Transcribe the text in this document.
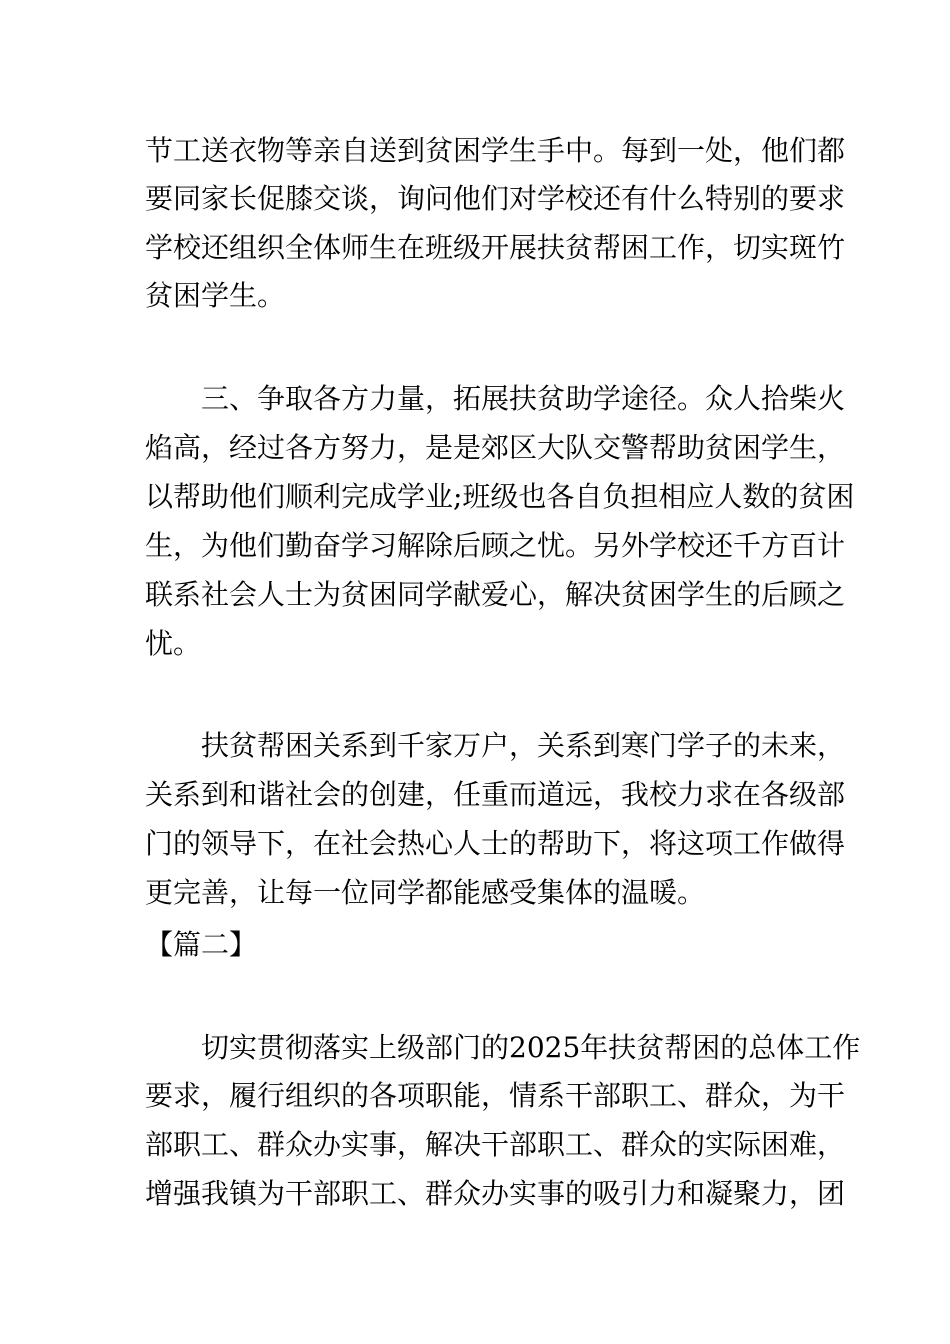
节工送衣物等亲自送到贫困学生手中。每到一处，他们都
要同家长促膝交谈，询问他们对学校还有什么特别的要求
学校还组织全体师生在班级开展扶贫帮困工作，切实斑竹
贫困学生。
三、争取各方力量，拓展扶贫助学途径。众人拾柴火
焰高，经过各方努力，是是郊区大队交警帮助贫困学生，
以帮助他们顺利完成学业;班级也各自负担相应人数的贫困
生，为他们勤奋学习解除后顾之忧。另外学校还千方百计
联系社会人士为贫困同学献爱心，解决贫困学生的后顾之
忧。
扶贫帮困关系到千家万户，关系到寒门学子的未来，
关系到和谐社会的创建，任重而道远，我校力求在各级部
门的领导下，在社会热心人士的帮助下，将这项工作做得
更完善，让每一位同学都能感受集体的温暖。
【篇二】
切实贯彻落实上级部门的2025年扶贫帮困的总体工作
要求，履行组织的各项职能，情系干部职工、群众，为干
部职工、群众办实事，解决干部职工、群众的实际困难，
增强我镇为干部职工、群众办实事的吸引力和凝聚力，团
